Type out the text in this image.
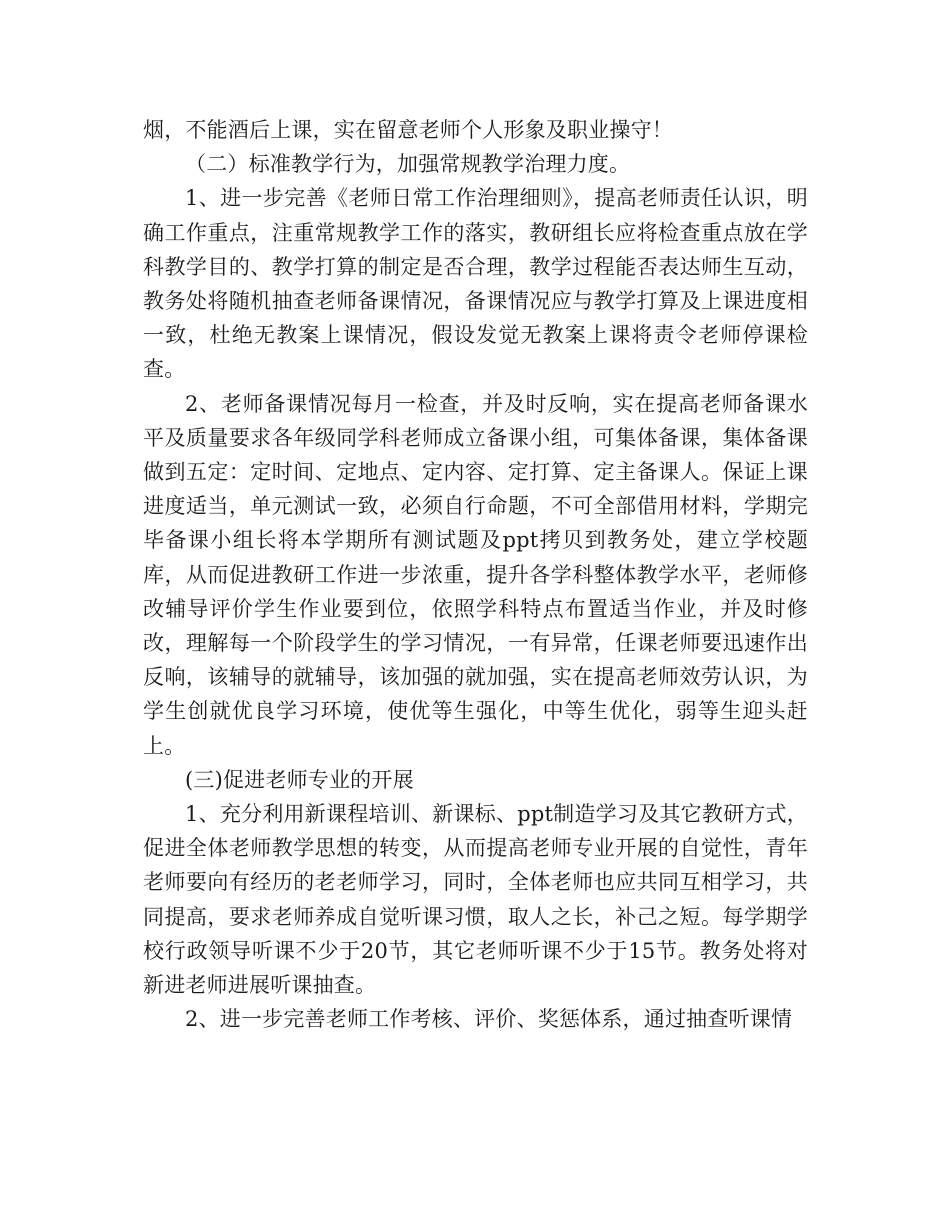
烟，不能酒后上课，实在留意老师个人形象及职业操守！

（二）标准教学行为，加强常规教学治理力度。

1、进一步完善《老师日常工作治理细则》，提高老师责任认识，明确工作重点，注重常规教学工作的落实，教研组长应将检查重点放在学科教学目的、教学打算的制定是否合理，教学过程能否表达师生互动，教务处将随机抽查老师备课情况，备课情况应与教学打算及上课进度相一致，杜绝无教案上课情况，假设发觉无教案上课将责令老师停课检查。

2、老师备课情况每月一检查，并及时反响，实在提高老师备课水平及质量要求各年级同学科老师成立备课小组，可集体备课，集体备课做到五定：定时间、定地点、定内容、定打算、定主备课人。保证上课进度适当，单元测试一致，必须自行命题，不可全部借用材料，学期完毕备课小组长将本学期所有测试题及ppt拷贝到教务处，建立学校题库，从而促进教研工作进一步浓重，提升各学科整体教学水平，老师修改辅导评价学生作业要到位，依照学科特点布置适当作业，并及时修改，理解每一个阶段学生的学习情况，一有异常，任课老师要迅速作出反响，该辅导的就辅导，该加强的就加强，实在提高老师效劳认识，为学生创就优良学习环境，使优等生强化，中等生优化，弱等生迎头赶上。

(三)促进老师专业的开展

1、充分利用新课程培训、新课标、ppt制造学习及其它教研方式，促进全体老师教学思想的转变，从而提高老师专业开展的自觉性，青年老师要向有经历的老老师学习，同时，全体老师也应共同互相学习，共同提高，要求老师养成自觉听课习惯，取人之长，补己之短。每学期学校行政领导听课不少于20节，其它老师听课不少于15节。教务处将对新进老师进展听课抽查。

2、进一步完善老师工作考核、评价、奖惩体系，通过抽查听课情
